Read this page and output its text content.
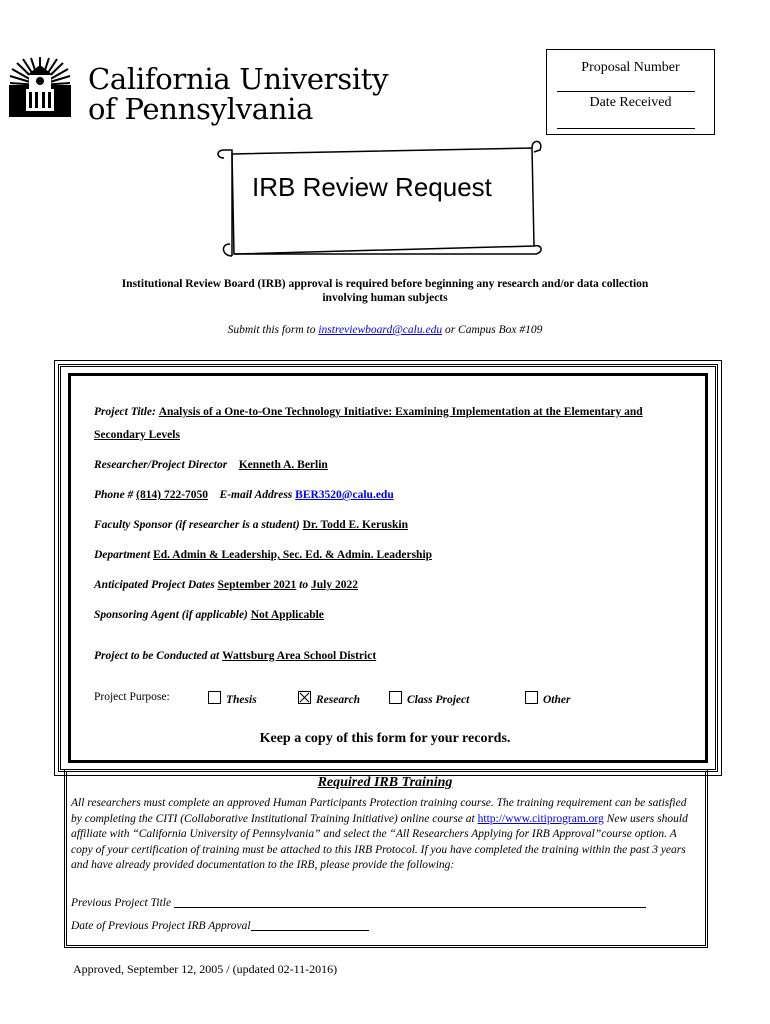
California University
of Pennsylvania
Proposal Number
Date Received
IRB Review Request
Institutional Review Board (IRB) approval is required before beginning any research and/or data collection
involving human subjects
Submit this form to instreviewboard@calu.edu or Campus Box #109
Project Title: Analysis of a One-to-One Technology Initiative: Examining Implementation at the Elementary and
Secondary Levels
Researcher/Project Director Kenneth A. Berlin
Phone # (814) 722-7050 E-mail Address BER3520@calu.edu
Faculty Sponsor (if researcher is a student) Dr. Todd E. Keruskin
Department Ed. Admin & Leadership, Sec. Ed. & Admin. Leadership
Anticipated Project Dates September 2021 to July 2022
Sponsoring Agent (if applicable) Not Applicable
Project to be Conducted at Wattsburg Area School District
Project Purpose:	Thesis	Research	Class Project	Other
Keep a copy of this form for your records.
Required IRB Training
All researchers must complete an approved Human Participants Protection training course. The training requirement can be satisfied by completing the CITI (Collaborative Institutional Training Initiative) online course at http://www.citiprogram.org New users should affiliate with “California University of Pennsylvania” and select the “All Researchers Applying for IRB Approval”course option. A copy of your certification of training must be attached to this IRB Protocol. If you have completed the training within the past 3 years and have already provided documentation to the IRB, please provide the following:
Previous Project Title
Date of Previous Project IRB Approval
Approved, September 12, 2005 / (updated 02-11-2016)
